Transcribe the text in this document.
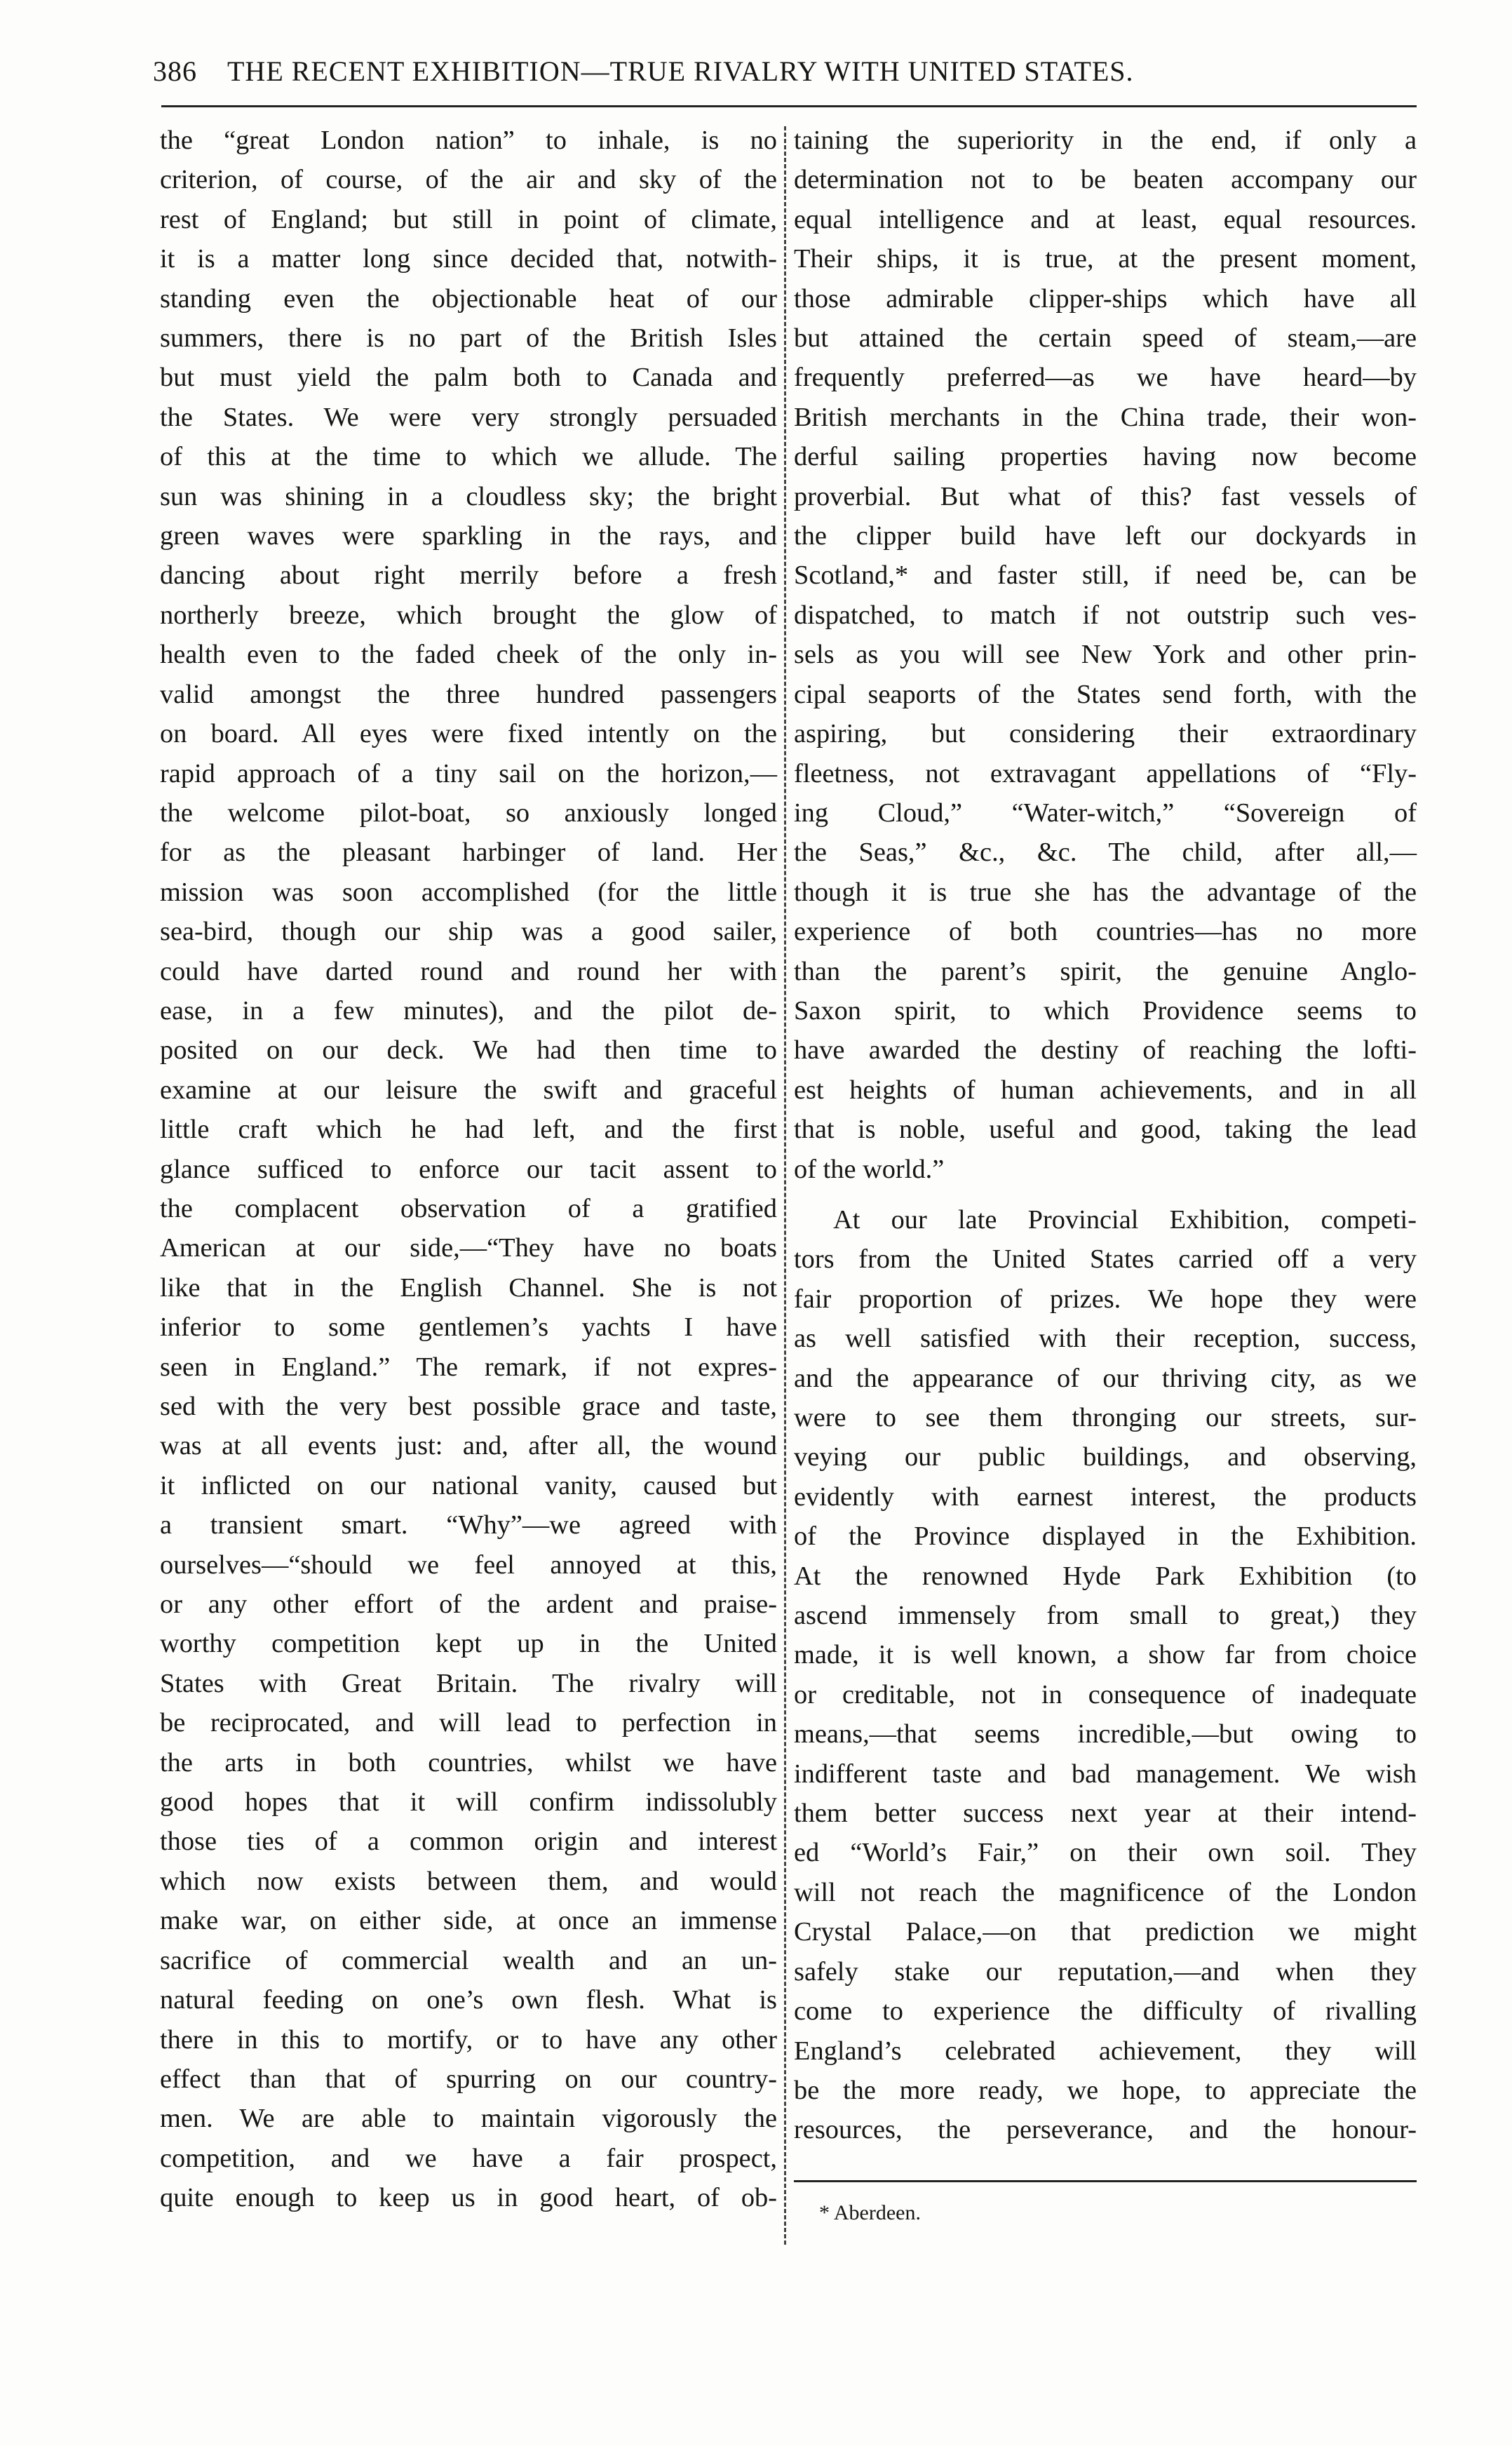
386 THE RECENT EXHIBITION—TRUE RIVALRY WITH UNITED STATES.
the “great London nation” to inhale, is no
criterion, of course, of the air and sky of the
rest of England; but still in point of climate,
it is a matter long since decided that, notwith-
standing even the objectionable heat of our
summers, there is no part of the British Isles
but must yield the palm both to Canada and
the States. We were very strongly persuaded
of this at the time to which we allude. The
sun was shining in a cloudless sky; the bright
green waves were sparkling in the rays, and
dancing about right merrily before a fresh
northerly breeze, which brought the glow of
health even to the faded cheek of the only in-
valid amongst the three hundred passengers
on board. All eyes were fixed intently on the
rapid approach of a tiny sail on the horizon,—
the welcome pilot-boat, so anxiously longed
for as the pleasant harbinger of land. Her
mission was soon accomplished (for the little
sea-bird, though our ship was a good sailer,
could have darted round and round her with
ease, in a few minutes), and the pilot de-
posited on our deck. We had then time to
examine at our leisure the swift and graceful
little craft which he had left, and the first
glance sufficed to enforce our tacit assent to
the complacent observation of a gratified
American at our side,—“They have no boats
like that in the English Channel. She is not
inferior to some gentlemen’s yachts I have
seen in England.” The remark, if not expres-
sed with the very best possible grace and taste,
was at all events just: and, after all, the wound
it inflicted on our national vanity, caused but
a transient smart. “Why”—we agreed with
ourselves—“should we feel annoyed at this,
or any other effort of the ardent and praise-
worthy competition kept up in the United
States with Great Britain. The rivalry will
be reciprocated, and will lead to perfection in
the arts in both countries, whilst we have
good hopes that it will confirm indissolubly
those ties of a common origin and interest
which now exists between them, and would
make war, on either side, at once an immense
sacrifice of commercial wealth and an un-
natural feeding on one’s own flesh. What is
there in this to mortify, or to have any other
effect than that of spurring on our country-
men. We are able to maintain vigorously the
competition, and we have a fair prospect,
quite enough to keep us in good heart, of ob-
taining the superiority in the end, if only a
determination not to be beaten accompany our
equal intelligence and at least, equal resources.
Their ships, it is true, at the present moment,
those admirable clipper-ships which have all
but attained the certain speed of steam,—are
frequently preferred—as we have heard—by
British merchants in the China trade, their won-
derful sailing properties having now become
proverbial. But what of this? fast vessels of
the clipper build have left our dockyards in
Scotland,* and faster still, if need be, can be
dispatched, to match if not outstrip such ves-
sels as you will see New York and other prin-
cipal seaports of the States send forth, with the
aspiring, but considering their extraordinary
fleetness, not extravagant appellations of “Fly-
ing Cloud,” “Water-witch,” “Sovereign of
the Seas,” &c., &c. The child, after all,—
though it is true she has the advantage of the
experience of both countries—has no more
than the parent’s spirit, the genuine Anglo-
Saxon spirit, to which Providence seems to
have awarded the destiny of reaching the lofti-
est heights of human achievements, and in all
that is noble, useful and good, taking the lead
of the world.”
At our late Provincial Exhibition, competi-
tors from the United States carried off a very
fair proportion of prizes. We hope they were
as well satisfied with their reception, success,
and the appearance of our thriving city, as we
were to see them thronging our streets, sur-
veying our public buildings, and observing,
evidently with earnest interest, the products
of the Province displayed in the Exhibition.
At the renowned Hyde Park Exhibition (to
ascend immensely from small to great,) they
made, it is well known, a show far from choice
or creditable, not in consequence of inadequate
means,—that seems incredible,—but owing to
indifferent taste and bad management. We wish
them better success next year at their intend-
ed “World’s Fair,” on their own soil. They
will not reach the magnificence of the London
Crystal Palace,—on that prediction we might
safely stake our reputation,—and when they
come to experience the difficulty of rivalling
England’s celebrated achievement, they will
be the more ready, we hope, to appreciate the
resources, the perseverance, and the honour-
* Aberdeen.
